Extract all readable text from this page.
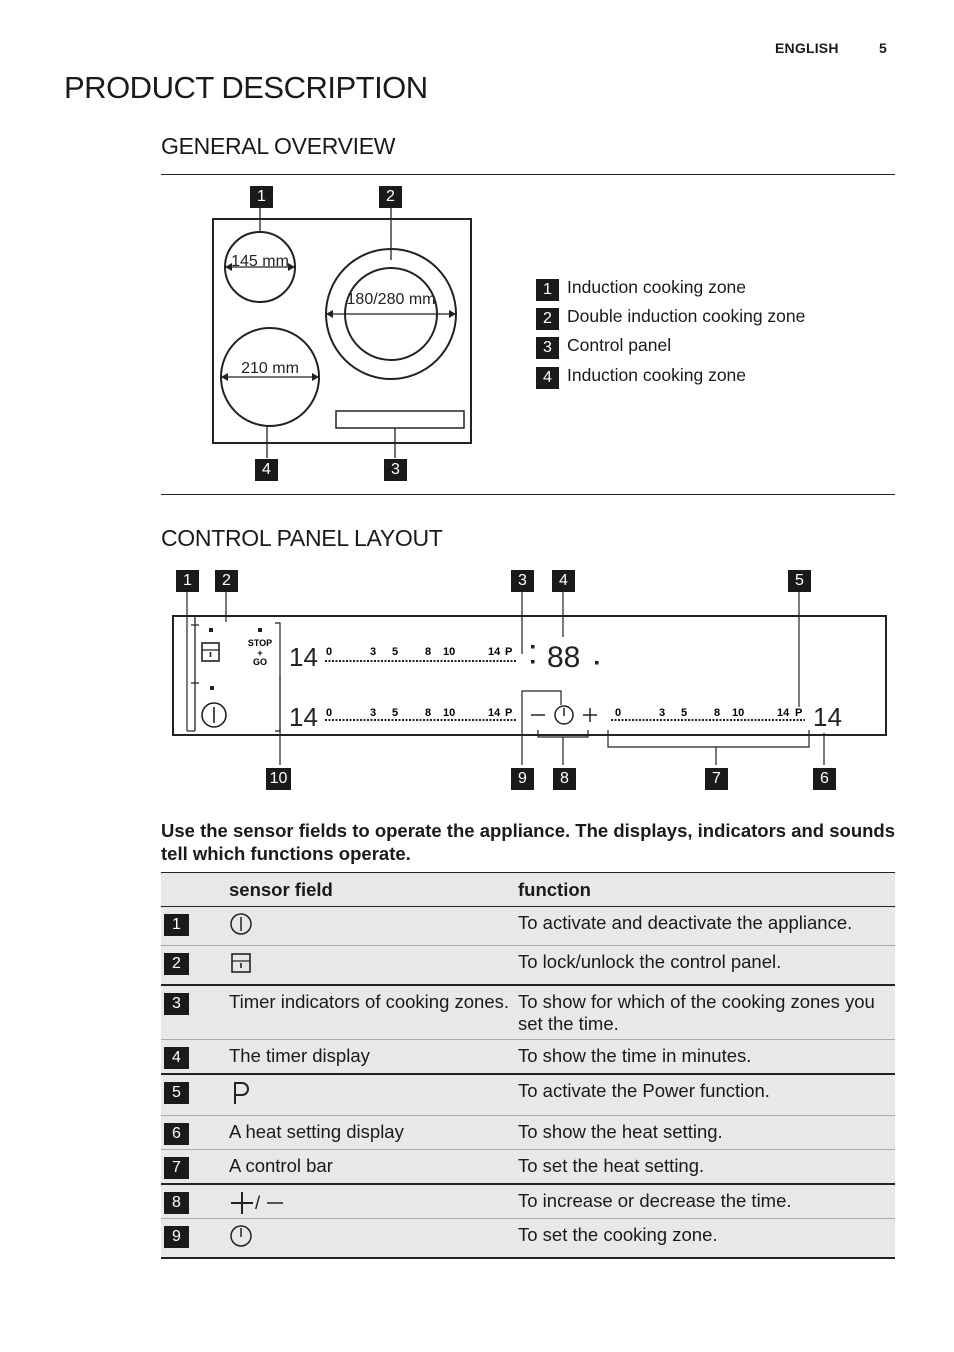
ENGLISH	5
PRODUCT DESCRIPTION
GENERAL OVERVIEW
145 mm
180/280 mm
210 mm
1	2
3
4
1 Induction cooking zone
2 Double induction cooking zone
3 Control panel
4 Induction cooking zone
CONTROL PANEL LAYOUT
STOP
+
GO 14
14
0	3 5 8 10	14 P
0	3 5 8 10	14 P
88
0	3 5 8 10	14 P 14
1	2	3	4	5
10	9	8	7	6
Use the sensor fields to operate the appliance. The displays, indicators and sounds tell which functions operate.
	sensor field	function
1		To activate and deactivate the appliance.
2		To lock/unlock the control panel.
3	Timer indicators of cooking zones.	To show for which of the cooking zones you set the time.
4	The timer display	To show the time in minutes.
5		To activate the Power function.
6	A heat setting display	To show the heat setting.
7	A control bar	To set the heat setting.
8	/	To increase or decrease the time.
9		To set the cooking zone.
